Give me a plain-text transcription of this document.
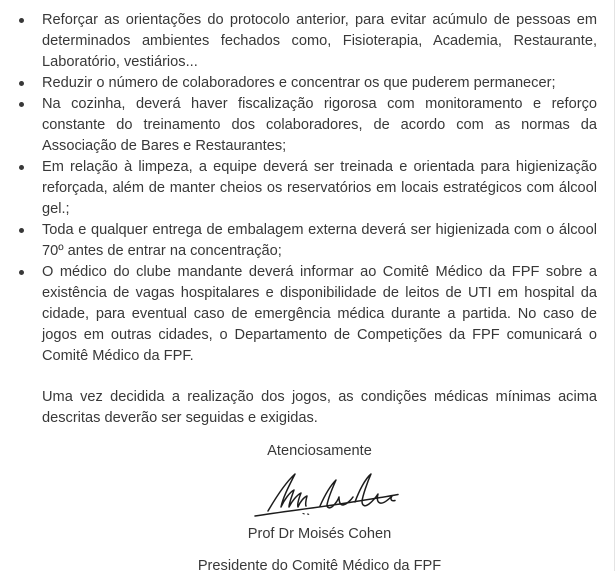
Reforçar as orientações do protocolo anterior, para evitar acúmulo de pessoas em determinados ambientes fechados como, Fisioterapia, Academia, Restaurante, Laboratório, vestiários...
Reduzir o número de colaboradores e concentrar os que puderem permanecer;
Na cozinha, deverá haver fiscalização rigorosa com monitoramento e reforço constante do treinamento dos colaboradores, de acordo com as normas da Associação de Bares e Restaurantes;
Em relação à limpeza, a equipe deverá ser treinada e orientada para higienização reforçada, além de manter cheios os reservatórios em locais estratégicos com álcool gel.;
Toda e qualquer entrega de embalagem externa deverá ser higienizada com o álcool 70º antes de entrar na concentração;
O médico do clube mandante deverá informar ao Comitê Médico da FPF sobre a existência de vagas hospitalares e disponibilidade de leitos de UTI em hospital da cidade, para eventual caso de emergência médica durante a partida. No caso de jogos em outras cidades, o Departamento de Competições da FPF comunicará o Comitê Médico da FPF.

Uma vez decidida a realização dos jogos, as condições médicas mínimas acima descritas deverão ser seguidas e exigidas.

Atenciosamente

Prof Dr Moisés Cohen

Presidente do Comitê Médico da FPF
